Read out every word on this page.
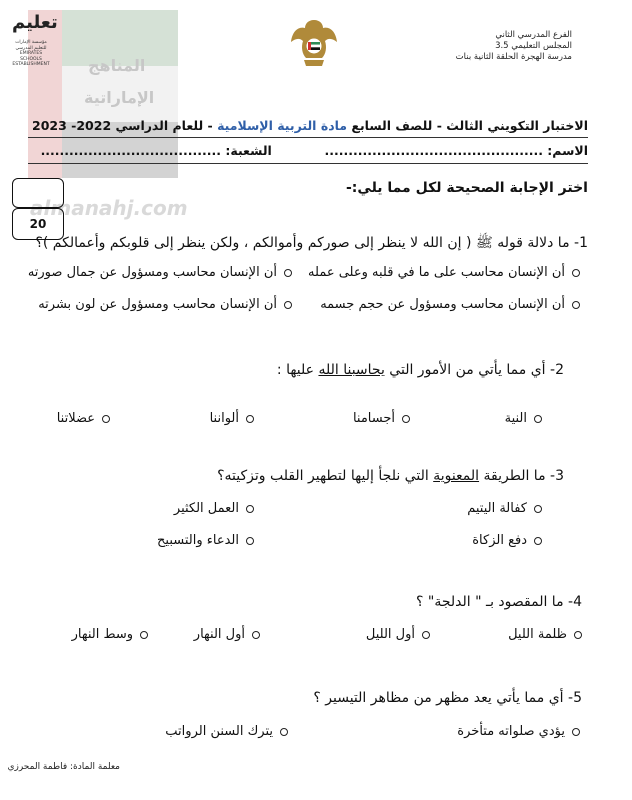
المناهج
الإماراتية
almanahj.com
تعليم
مؤسسة الإمارات
للتعليم المدرسي
EMIRATES SCHOOLS
ESTABLISHMENT
الفرع المدرسي الثاني
المجلس التعليمي 3.5
مدرسة الهجرة الحلقة الثانية بنات
الاختبار التكويني الثالث - للصف السابع مادة التربية الإسلامية - للعام الدراسي 2022- 2023
الاسم: ..............................................  الشعبة: ......................................
20
اختر الإجابة الصحيحة لكل مما يلي:-
1- ما دلالة قوله ﷺ ( إن الله لا ينظر إلى صوركم وأموالكم ، ولكن ينظر إلى قلوبكم وأعمالكم )؟
أن الإنسان محاسب على ما في قلبه وعلى عمله
أن الإنسان محاسب ومسؤول عن جمال صورته
أن الإنسان محاسب ومسؤول عن حجم جسمه
أن الإنسان محاسب ومسؤول عن لون بشرته
2- أي مما يأتي من الأمور التي يحاسبنا الله عليها :
النية
أجسامنا
ألواننا
عضلاتنا
3- ما الطريقة المعنوية التي نلجأ إليها لتطهير القلب وتزكيته؟
كفالة اليتيم
العمل الكثير
دفع الزكاة
الدعاء والتسبيح
4- ما المقصود بـ " الدلجة" ؟
ظلمة الليل
أول الليل
أول النهار
وسط النهار
5- أي مما يأتي يعد مظهر من مظاهر التيسير ؟
يؤدي صلواته متأخرة
يترك السنن الرواتب
معلمة المادة: فاطمة المحرزي
